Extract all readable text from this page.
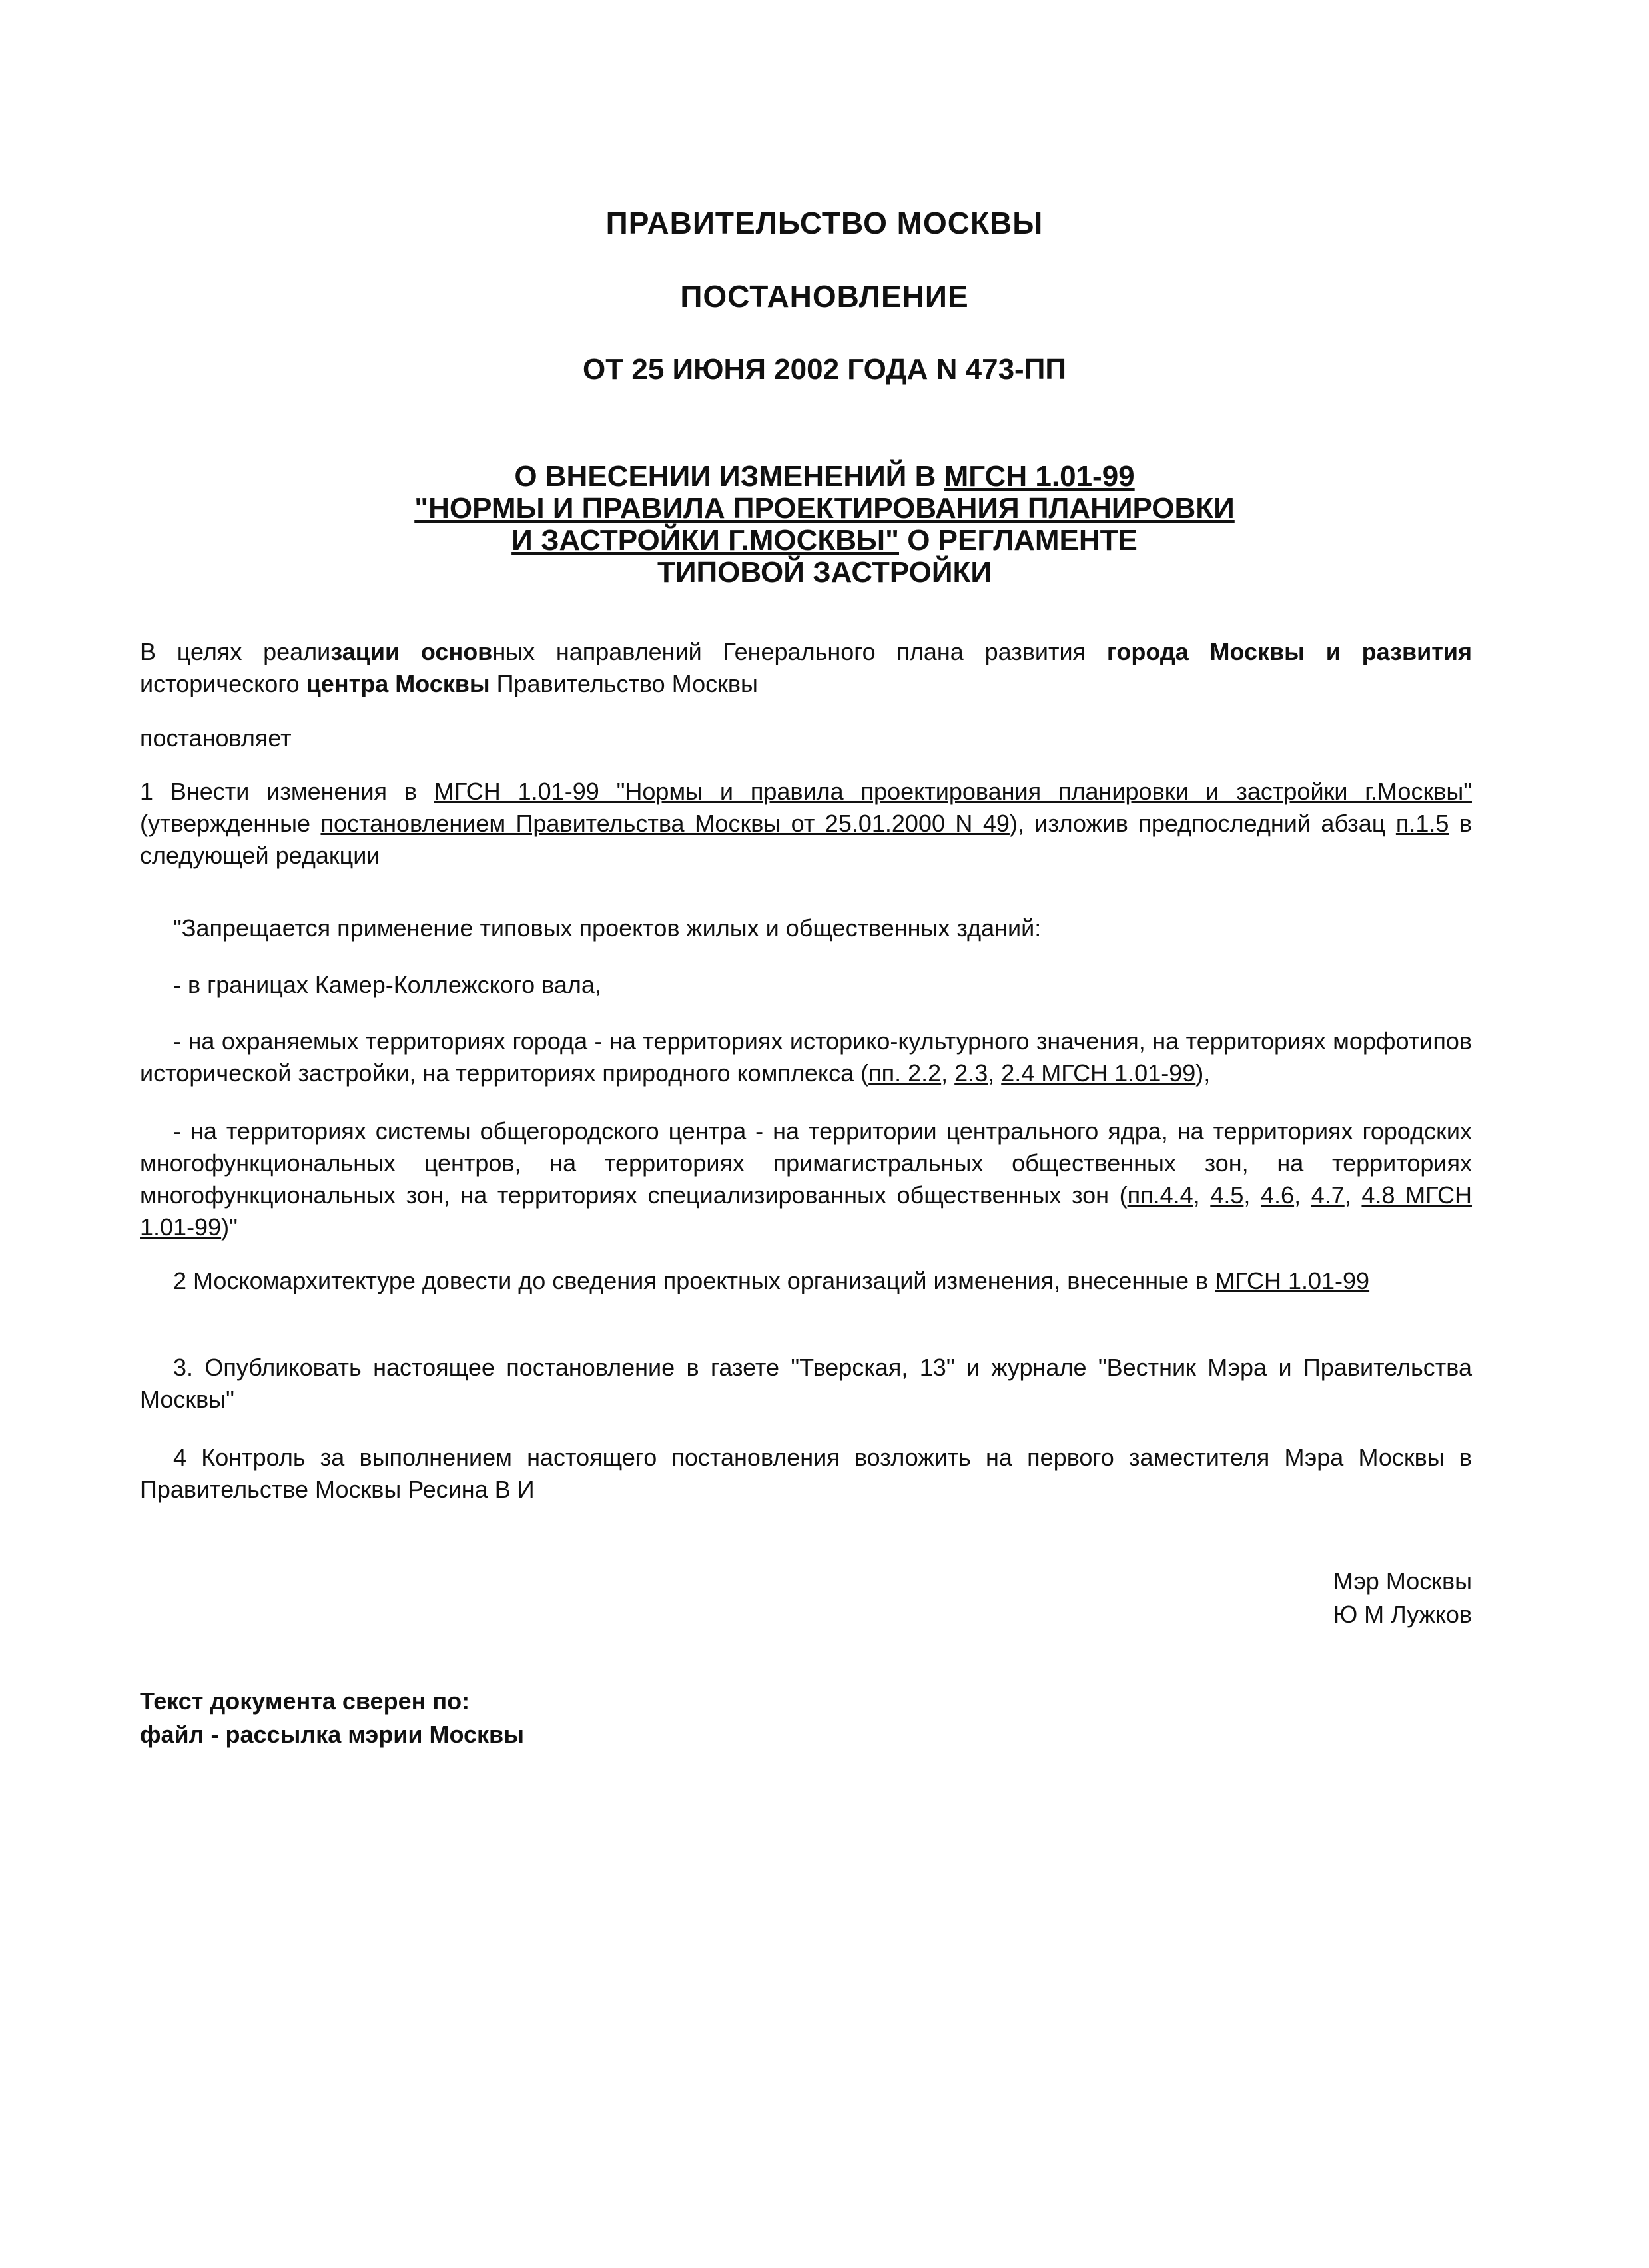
ПРАВИТЕЛЬСТВО МОСКВЫ
ПОСТАНОВЛЕНИЕ
ОТ 25 ИЮНЯ 2002 ГОДА N 473-ПП
О ВНЕСЕНИИ ИЗМЕНЕНИЙ В МГСН 1.01-99
"НОРМЫ И ПРАВИЛА ПРОЕКТИРОВАНИЯ ПЛАНИРОВКИ
И ЗАСТРОЙКИ Г.МОСКВЫ" О РЕГЛАМЕНТЕ
ТИПОВОЙ ЗАСТРОЙКИ
В целях реализации основных направлений Генерального плана развития города Москвы и развития исторического центра Москвы Правительство Москвы
постановляет
1 Внести изменения в МГСН 1.01-99 "Нормы и правила проектирования планировки и застройки г.Москвы" (утвержденные постановлением Правительства Москвы от 25.01.2000 N 49), изложив предпоследний абзац п.1.5 в следующей редакции
"Запрещается применение типовых проектов жилых и общественных зданий:
- в границах Камер-Коллежского вала,
- на охраняемых территориях города - на территориях историко-культурного значения, на территориях морфотипов исторической застройки, на территориях природного комплекса (пп. 2.2, 2.3, 2.4 МГСН 1.01-99),
- на территориях системы общегородского центра - на территории центрального ядра, на территориях городских многофункциональных центров, на территориях примагистральных общественных зон, на территориях многофункциональных зон, на территориях специализированных общественных зон (пп.4.4, 4.5, 4.6, 4.7, 4.8 МГСН 1.01-99)"
2 Москомархитектуре довести до сведения проектных организаций изменения, внесенные в МГСН 1.01-99
3. Опубликовать настоящее постановление в газете "Тверская, 13" и журнале "Вестник Мэра и Правительства Москвы"
4 Контроль за выполнением настоящего постановления возложить на первого заместителя Мэра Москвы в Правительстве Москвы Ресина В И
Мэр Москвы
Ю М Лужков
Текст документа сверен по:
файл - рассылка мэрии Москвы
